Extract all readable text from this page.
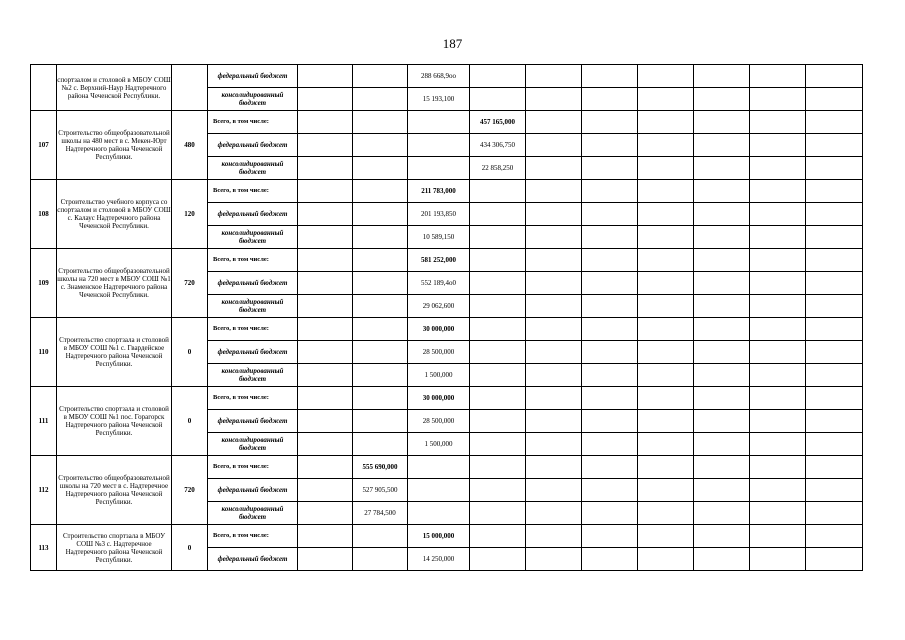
187
	спортзалом и столовой в МБОУ СОШ №2 с. Верхний-Наур Надтеречного района Чеченской Республики.		федеральный бюджет			288 668,9оо							
			консолидированный бюджет			15 193,100							
107	Строительство общеобразовательной школы на 480 мест в с. Мекен-Юрт Надтеречного района Чеченской Республики.	480	Всего, в том числе:				457 165,000						
			федеральный бюджет				434 306,750						
			консолидированный бюджет				22 858,250						
108	Строительство учебного корпуса со спортзалом и столовой в МБОУ СОШ с. Калаус Надтеречного района Чеченской Республики.	120	Всего, в том числе:			211 783,000							
			федеральный бюджет			201 193,850							
			консолидированный бюджет			10 589,150							
109	Строительство общеобразовательной школы на 720 мест в МБОУ СОШ №1 с. Знаменское Надтеречного района Чеченской Республики.	720	Всего, в том числе:			581 252,000							
			федеральный бюджет			552 189,4о0							
			консолидированный бюджет			29 062,600							
110	Строительство спортзала и столовой в МБОУ СОШ №1 с. Гвардейское Надтеречного района Чеченской Республики.	0	Всего, в том числе:			30 000,000							
			федеральный бюджет			28 500,000							
			консолидированный бюджет			1 500,000							
111	Строительство спортзала и столовой в МБОУ СОШ №1 пос. Горагорск Надтеречного района Чеченской Республики.	0	Всего, в том числе:			30 000,000							
			федеральный бюджет			28 500,000							
			консолидированный бюджет			1 500,000							
112	Строительство общеобразовательной школы на 720 мест в с. Надтеречное Надтеречного района Чеченской Республики.	720	Всего, в том числе:		555 690,000								
			федеральный бюджет		527 905,500								
			консолидированный бюджет		27 784,500								
113	Строительство спортзала в МБОУ СОШ №3 с. Надтеречное Надтеречного района Чеченской Республики.	0	Всего, в том числе:			15 000,000							
			федеральный бюджет			14 250,000							
